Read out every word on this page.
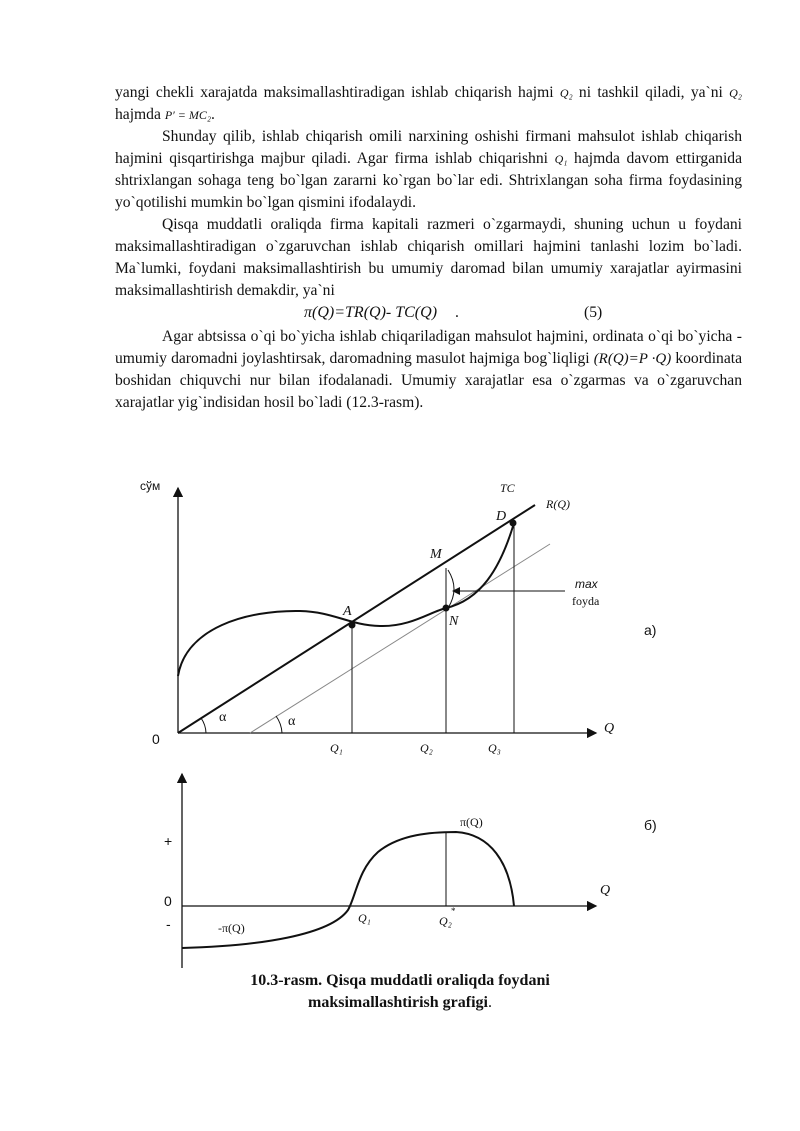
yangi chekli xarajatda maksimallashtiradigan ishlab chiqarish hajmi Q₂ ni tashkil qiladi, ya`ni Q₂ hajmda P′ = MC₂.

Shunday qilib, ishlab chiqarish omili narxining oshishi firmani mahsulot ishlab chiqarish hajmini qisqartirishga majbur qiladi. Agar firma ishlab chiqarishni Q₁ hajmda davom ettirganida shtrixlangan sohaga teng bo`lgan zararni ko`rgan bo`lar edi. Shtrixlangan soha firma foydasining yo`qotilishi mumkin bo`lgan qismini ifodalaydi.

Qisqa muddatli oraliqda firma kapitali razmeri o`zgarmaydi, shuning uchun u foydani maksimallashtiradigan o`zgaruvchan ishlab chiqarish omillari hajmini tanlashi lozim bo`ladi. Ma`lumki, foydani maksimallashtirish bu umumiy daromad bilan umumiy xarajatlar ayirmasini maksimallashtirish demakdir, ya`ni

π(Q)=TR(Q)- TC(Q) .	(5)

Agar abtsissa o`qi bo`yicha ishlab chiqariladigan mahsulot hajmini, ordinata o`qi bo`yicha - umumiy daromadni joylashtirsak, daromadning masulot hajmiga bog`liqligi (R(Q)=P ·Q) koordinata boshidan chiquvchi nur bilan ifodalanadi. Umumiy xarajatlar esa o`zgarmas va o`zgaruvchan xarajatlar yig`indisidan hosil bo`ladi (12.3-rasm).

сўм
0
Q
TC
R(Q)
D
M
A
N
max
foyda
α	α
Q₁	Q₂	Q₃
а)
+
0
-	-π(Q)
π(Q)
Q
Q₁	Q₂
*
б)
10.3-rasm. Qisqa muddatli oraliqda foydani
maksimallashtirish grafigi.
